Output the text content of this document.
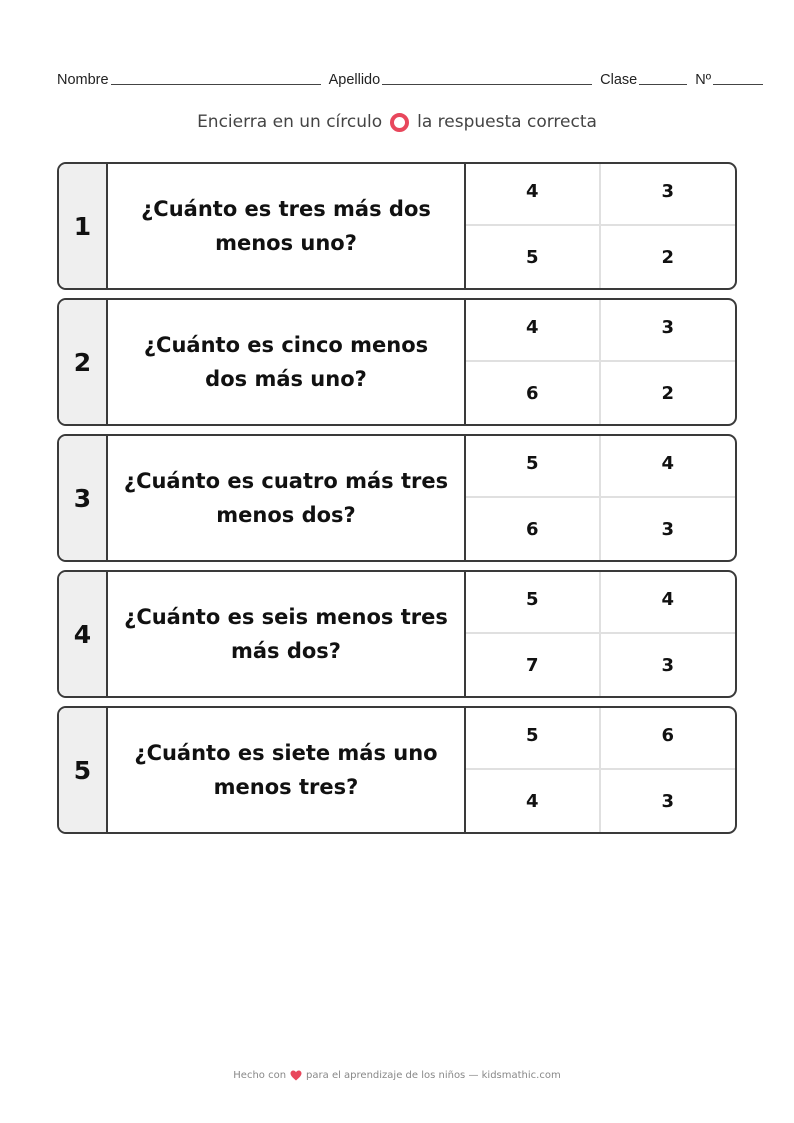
Nombre	Apellido	Clase	Nº
Encierra en un círculo la respuesta correcta
1
¿Cuánto es tres más dos menos uno?
4	3
5	2
2
¿Cuánto es cinco menos dos más uno?
4	3
6	2
3
¿Cuánto es cuatro más tres menos dos?
5	4
6	3
4
¿Cuánto es seis menos tres más dos?
5	4
7	3
5
¿Cuánto es siete más uno menos tres?
5	6
4	3
Hecho con para el aprendizaje de los niños — kidsmathic.com
